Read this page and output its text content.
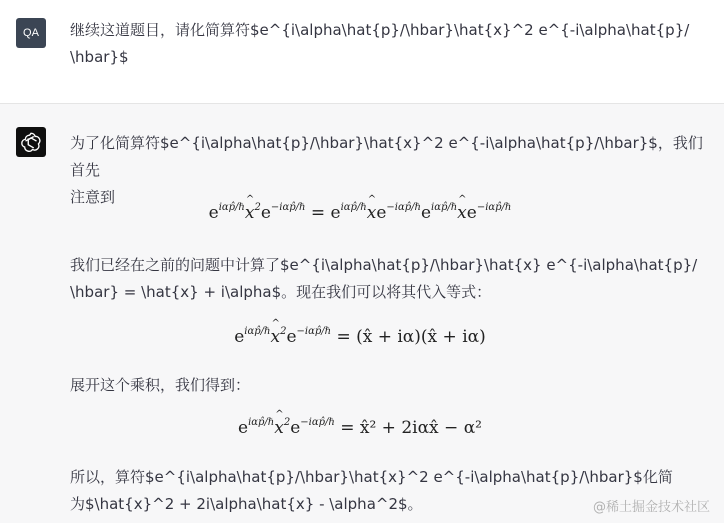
QA	继续这道题目，请化简算符$e^{i\alpha\hat{p}/\hbar}\hat{x}^2 e^{-i\alpha\hat{p}/
\hbar}$
为了化简算符$e^{i\alpha\hat{p}/\hbar}\hat{x}^2 e^{-i\alpha\hat{p}/\hbar}$，我们首先
注意到
$e^{i\alpha p̂/\hbar}\^{}$ $x^2e^{-i\alpha p̂/\hbar}$ = $e^{i\alpha p̂/\hbar}\^{}$ $xe^{-i\alpha p̂/\hbar}e^{i\alpha p̂/\hbar}\^{}$ $xe^{-i\alpha p̂/\hbar}$
我们已经在之前的问题中计算了$e^{i\alpha\hat{p}/\hbar}\hat{x} e^{-i\alpha\hat{p}/
\hbar} = \hat{x} + i\alpha$。现在我们可以将其代入等式：
$e^{i\alpha p̂/\hbar}\^{}$ $x^2e^{-i\alpha p̂/\hbar}$ = (x̂ + iα)(x̂ + iα)
展开这个乘积，我们得到：
$e^{i\alpha p̂/\hbar}\^{}$ $x^2e^{-i\alpha p̂/\hbar}$ = x̂² + 2iαx̂ − α²
所以，算符$e^{i\alpha\hat{p}/\hbar}\hat{x}^2 e^{-i\alpha\hat{p}/\hbar}$化简
为$\hat{x}^2 + 2i\alpha\hat{x} - \alpha^2$。	@稀土掘金技术社区
